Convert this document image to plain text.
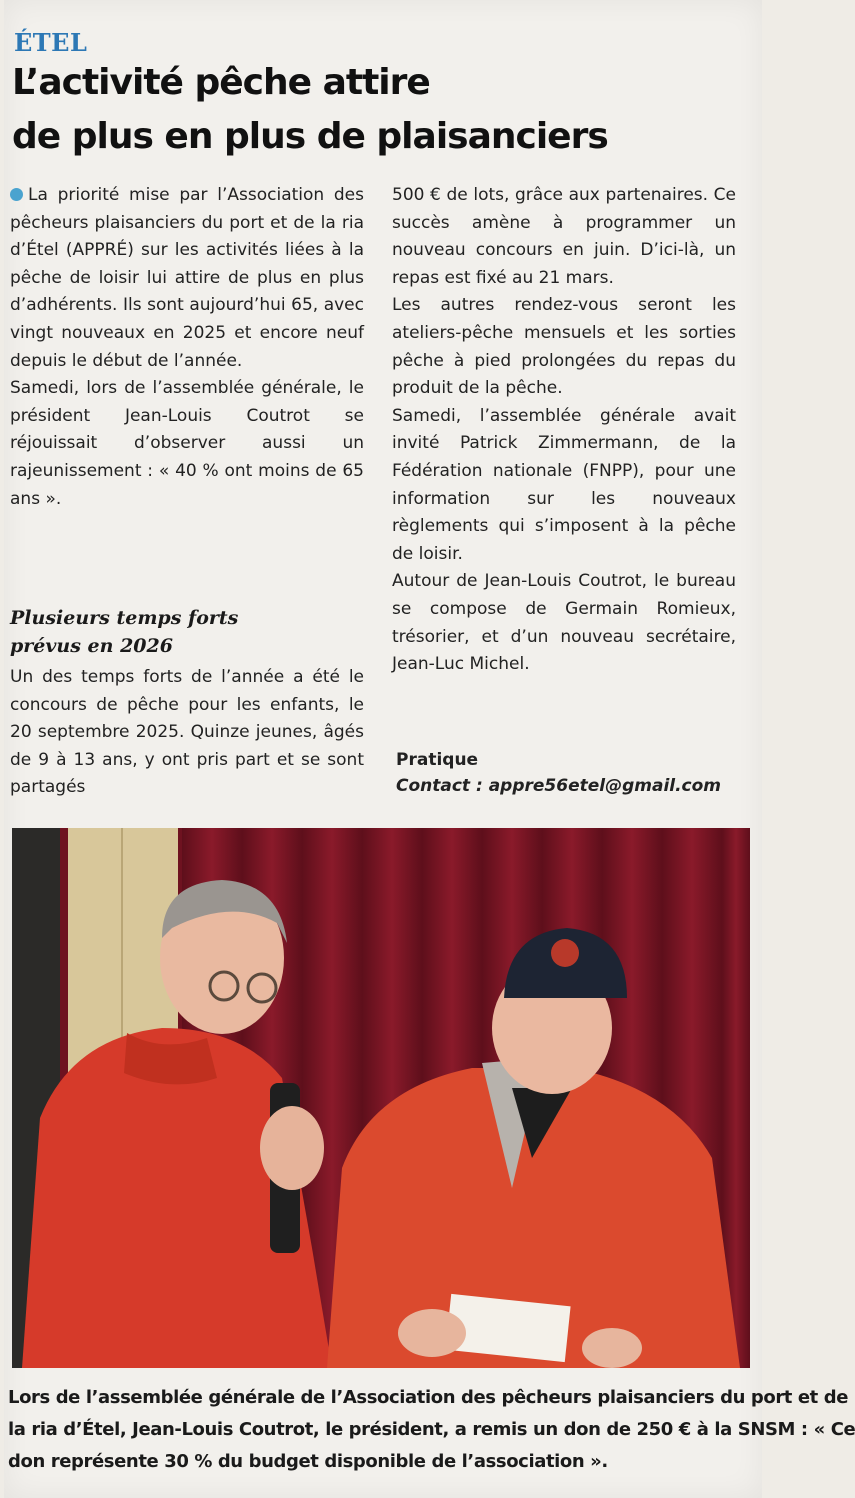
ÉTEL
L’activité pêche attire
de plus en plus de plaisanciers

La priorité mise par l’Association des pêcheurs plaisanciers du port et de la ria d’Étel (APPRÉ) sur les activités liées à la pêche de loisir lui attire de plus en plus d’adhérents. Ils sont aujourd’hui 65, avec vingt nouveaux en 2025 et encore neuf depuis le début de l’année.

Samedi, lors de l’assemblée générale, le président Jean-Louis Coutrot se réjouissait d’observer aussi un rajeunissement : « 40 % ont moins de 65 ans ».

Plusieurs temps forts
prévus en 2026

Un des temps forts de l’année a été le concours de pêche pour les enfants, le 20 septembre 2025. Quinze jeunes, âgés de 9 à 13 ans, y ont pris part et se sont partagés

500 € de lots, grâce aux partenaires. Ce succès amène à programmer un nouveau concours en juin. D’ici-là, un repas est fixé au 21 mars.

Les autres rendez-vous seront les ateliers-pêche mensuels et les sorties pêche à pied prolongées du repas du produit de la pêche.

Samedi, l’assemblée générale avait invité Patrick Zimmermann, de la Fédération nationale (FNPP), pour une information sur les nouveaux règlements qui s’imposent à la pêche de loisir.

Autour de Jean-Louis Coutrot, le bureau se compose de Germain Romieux, trésorier, et d’un nouveau secrétaire, Jean-Luc Michel.

Pratique
Contact : appre56etel@gmail.com
Lors de l’assemblée générale de l’Association des pêcheurs plaisanciers du port et de
la ria d’Étel, Jean-Louis Coutrot, le président, a remis un don de 250 € à la SNSM : « Ce
don représente 30 % du budget disponible de l’association ».
